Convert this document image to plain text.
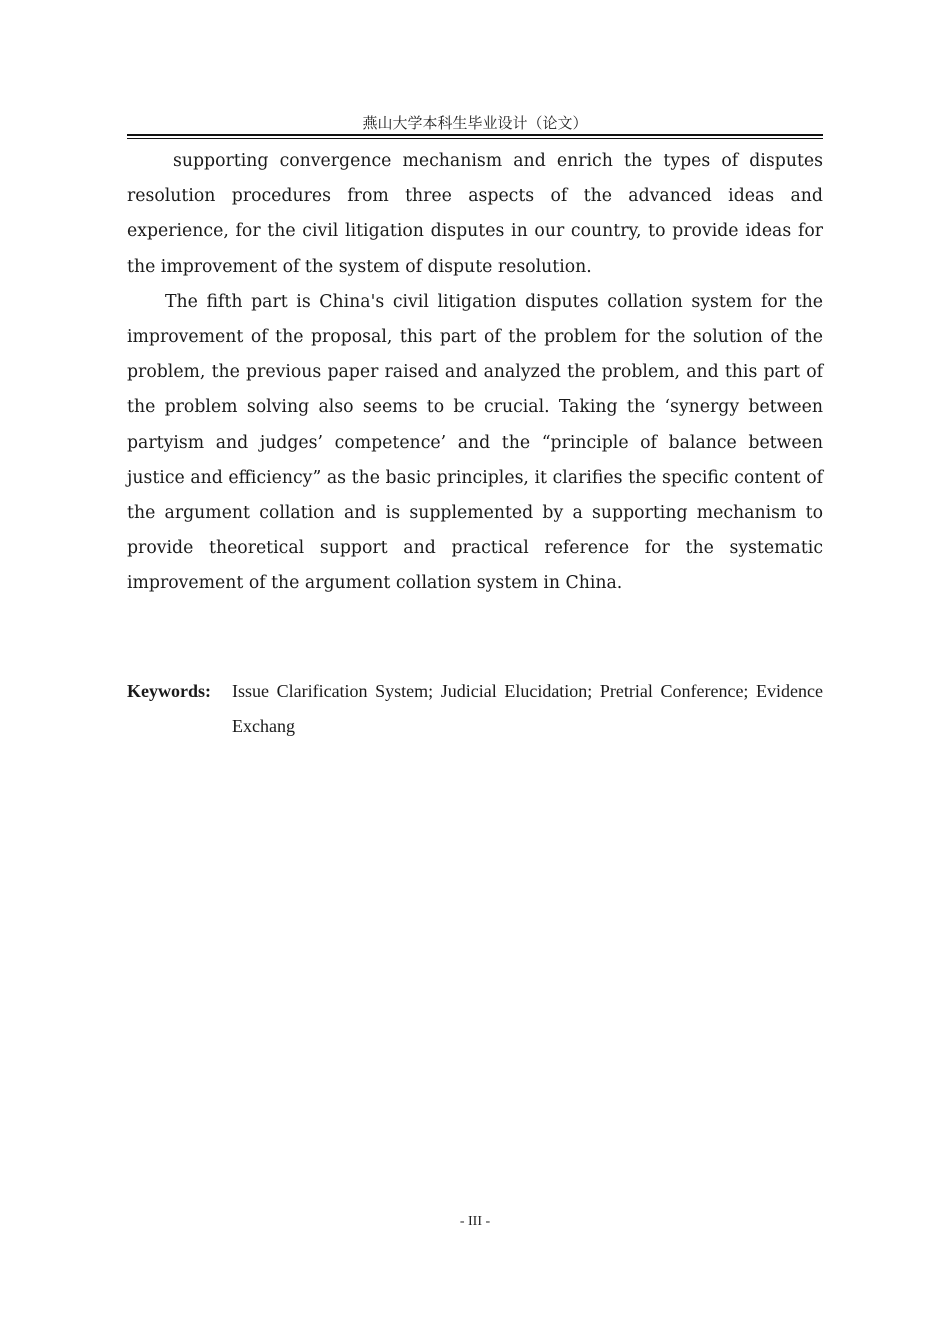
燕山大学本科生毕业设计（论文）

supporting convergence mechanism and enrich the types of disputes resolution procedures from three aspects of the advanced ideas and experience, for the civil litigation disputes in our country, to provide ideas for the improvement of the system of dispute resolution.

The fifth part is China's civil litigation disputes collation system for the improvement of the proposal, this part of the problem for the solution of the problem, the previous paper raised and analyzed the problem, and this part of the problem solving also seems to be crucial. Taking the ‘synergy between partyism and judges’ competence’ and the “principle of balance between justice and efficiency” as the basic principles, it clarifies the specific content of the argument collation and is supplemented by a supporting mechanism to provide theoretical support and practical reference for the systematic improvement of the argument collation system in China.

Keywords:	Issue Clarification System; Judicial Elucidation; Pretrial Conference; Evidence Exchang
- III -
